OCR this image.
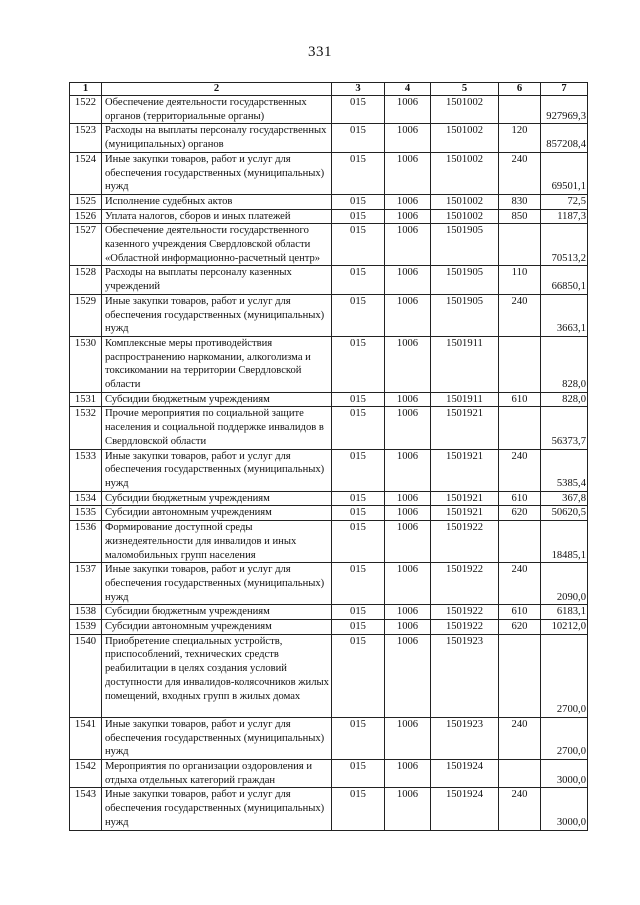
331
1	2	3	4	5	6	7
1522	Обеспечение деятельности государственных органов (территориальные органы)	015	1006	1501002		927969,3
1523	Расходы на выплаты персоналу государственных (муниципальных) органов	015	1006	1501002	120	857208,4
1524	Иные закупки товаров, работ и услуг для обеспечения государственных (муниципальных) нужд	015	1006	1501002	240	69501,1
1525	Исполнение судебных актов	015	1006	1501002	830	72,5
1526	Уплата налогов, сборов и иных платежей	015	1006	1501002	850	1187,3
1527	Обеспечение деятельности государственного казенного учреждения Свердловской области «Областной информационно-расчетный центр»	015	1006	1501905		70513,2
1528	Расходы на выплаты персоналу казенных учреждений	015	1006	1501905	110	66850,1
1529	Иные закупки товаров, работ и услуг для обеспечения государственных (муниципальных) нужд	015	1006	1501905	240	3663,1
1530	Комплексные меры противодействия распространению наркомании, алкоголизма и токсикомании на территории Свердловской области	015	1006	1501911		828,0
1531	Субсидии бюджетным учреждениям	015	1006	1501911	610	828,0
1532	Прочие мероприятия по социальной защите населения и социальной поддержке инвалидов в Свердловской области	015	1006	1501921		56373,7
1533	Иные закупки товаров, работ и услуг для обеспечения государственных (муниципальных) нужд	015	1006	1501921	240	5385,4
1534	Субсидии бюджетным учреждениям	015	1006	1501921	610	367,8
1535	Субсидии автономным учреждениям	015	1006	1501921	620	50620,5
1536	Формирование доступной среды жизнедеятельности для инвалидов и иных маломобильных групп населения	015	1006	1501922		18485,1
1537	Иные закупки товаров, работ и услуг для обеспечения государственных (муниципальных) нужд	015	1006	1501922	240	2090,0
1538	Субсидии бюджетным учреждениям	015	1006	1501922	610	6183,1
1539	Субсидии автономным учреждениям	015	1006	1501922	620	10212,0
1540	Приобретение специальных устройств, приспособлений, технических средств реабилитации в целях создания условий доступности для инвалидов-колясочников жилых помещений, входных групп в жилых домах	015	1006	1501923		2700,0
1541	Иные закупки товаров, работ и услуг для обеспечения государственных (муниципальных) нужд	015	1006	1501923	240	2700,0
1542	Мероприятия по организации оздоровления и отдыха отдельных категорий граждан	015	1006	1501924		3000,0
1543	Иные закупки товаров, работ и услуг для обеспечения государственных (муниципальных) нужд	015	1006	1501924	240	3000,0
